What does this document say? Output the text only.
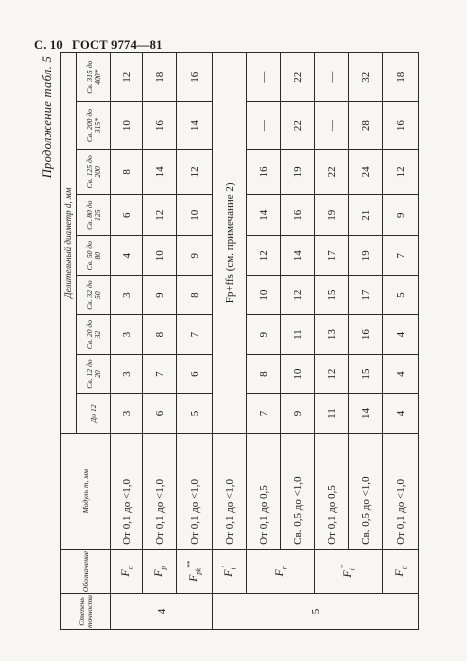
С. 10 ГОСТ 9774—81
Продолжение табл. 5
Степень точности	Обозначение	Модуль m, мм	Делительный диаметр d, мм								
			До 12	Св. 12 до 20	Св. 20 до 32	Св. 32 до 50	Св. 50 до 80	Св. 80 до 125	Св. 125 до 200	Св. 200 до 315*	Св. 315 до 400*

4	$F_c$	От 0,1 до <1,0	3	3	3	3	4	6	8	10	12
	$F_p$	От 0,1 до <1,0	6	7	8	9	10	12	14	16	18
	$F_{pk}^{**}$	От 0,1 до <1,0	5	6	7	8	9	10	12	14	16
5	$F_i'$	От 0,1 до <1,0	Fp+ffs (см. примечание 2)								
	$F_r$	От 0,1 до 0,5	7	8	9	10	12	14	16	—	—
		Св. 0,5 до <1,0	9	10	11	12	14	16	19	22	22
	$F_i''$	От 0,1 до 0,5	11	12	13	15	17	19	22	—	—
		Св. 0,5 до <1,0	14	15	16	17	19	21	24	28	32
	$F_c$	От 0,1 до <1,0	4	4	4	5	7	9	12	16	18
